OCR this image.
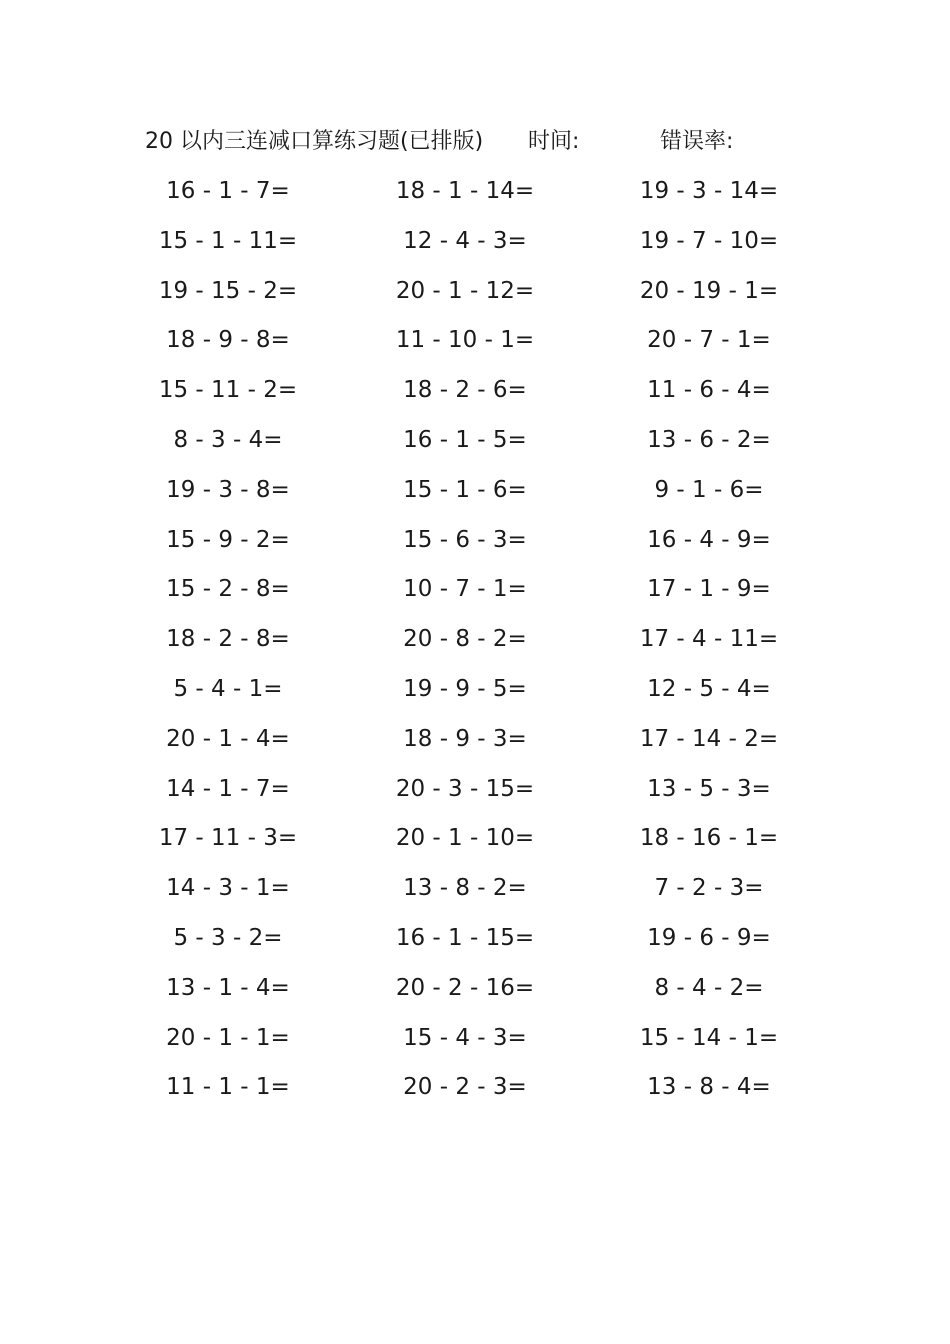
20 以内三连减口算练习题(已排版) 时间:	错误率:
16 - 1 - 7=	18 - 1 - 14=	19 - 3 - 14=
15 - 1 - 11=	12 - 4 - 3=	19 - 7 - 10=
19 - 15 - 2=	20 - 1 - 12=	20 - 19 - 1=
18 - 9 - 8=	11 - 10 - 1=	20 - 7 - 1=
15 - 11 - 2=	18 - 2 - 6=	11 - 6 - 4=
8 - 3 - 4=	16 - 1 - 5=	13 - 6 - 2=
19 - 3 - 8=	15 - 1 - 6=	9 - 1 - 6=
15 - 9 - 2=	15 - 6 - 3=	16 - 4 - 9=
15 - 2 - 8=	10 - 7 - 1=	17 - 1 - 9=
18 - 2 - 8=	20 - 8 - 2=	17 - 4 - 11=
5 - 4 - 1=	19 - 9 - 5=	12 - 5 - 4=
20 - 1 - 4=	18 - 9 - 3=	17 - 14 - 2=
14 - 1 - 7=	20 - 3 - 15=	13 - 5 - 3=
17 - 11 - 3=	20 - 1 - 10=	18 - 16 - 1=
14 - 3 - 1=	13 - 8 - 2=	7 - 2 - 3=
5 - 3 - 2=	16 - 1 - 15=	19 - 6 - 9=
13 - 1 - 4=	20 - 2 - 16=	8 - 4 - 2=
20 - 1 - 1=	15 - 4 - 3=	15 - 14 - 1=
11 - 1 - 1=	20 - 2 - 3=	13 - 8 - 4=
